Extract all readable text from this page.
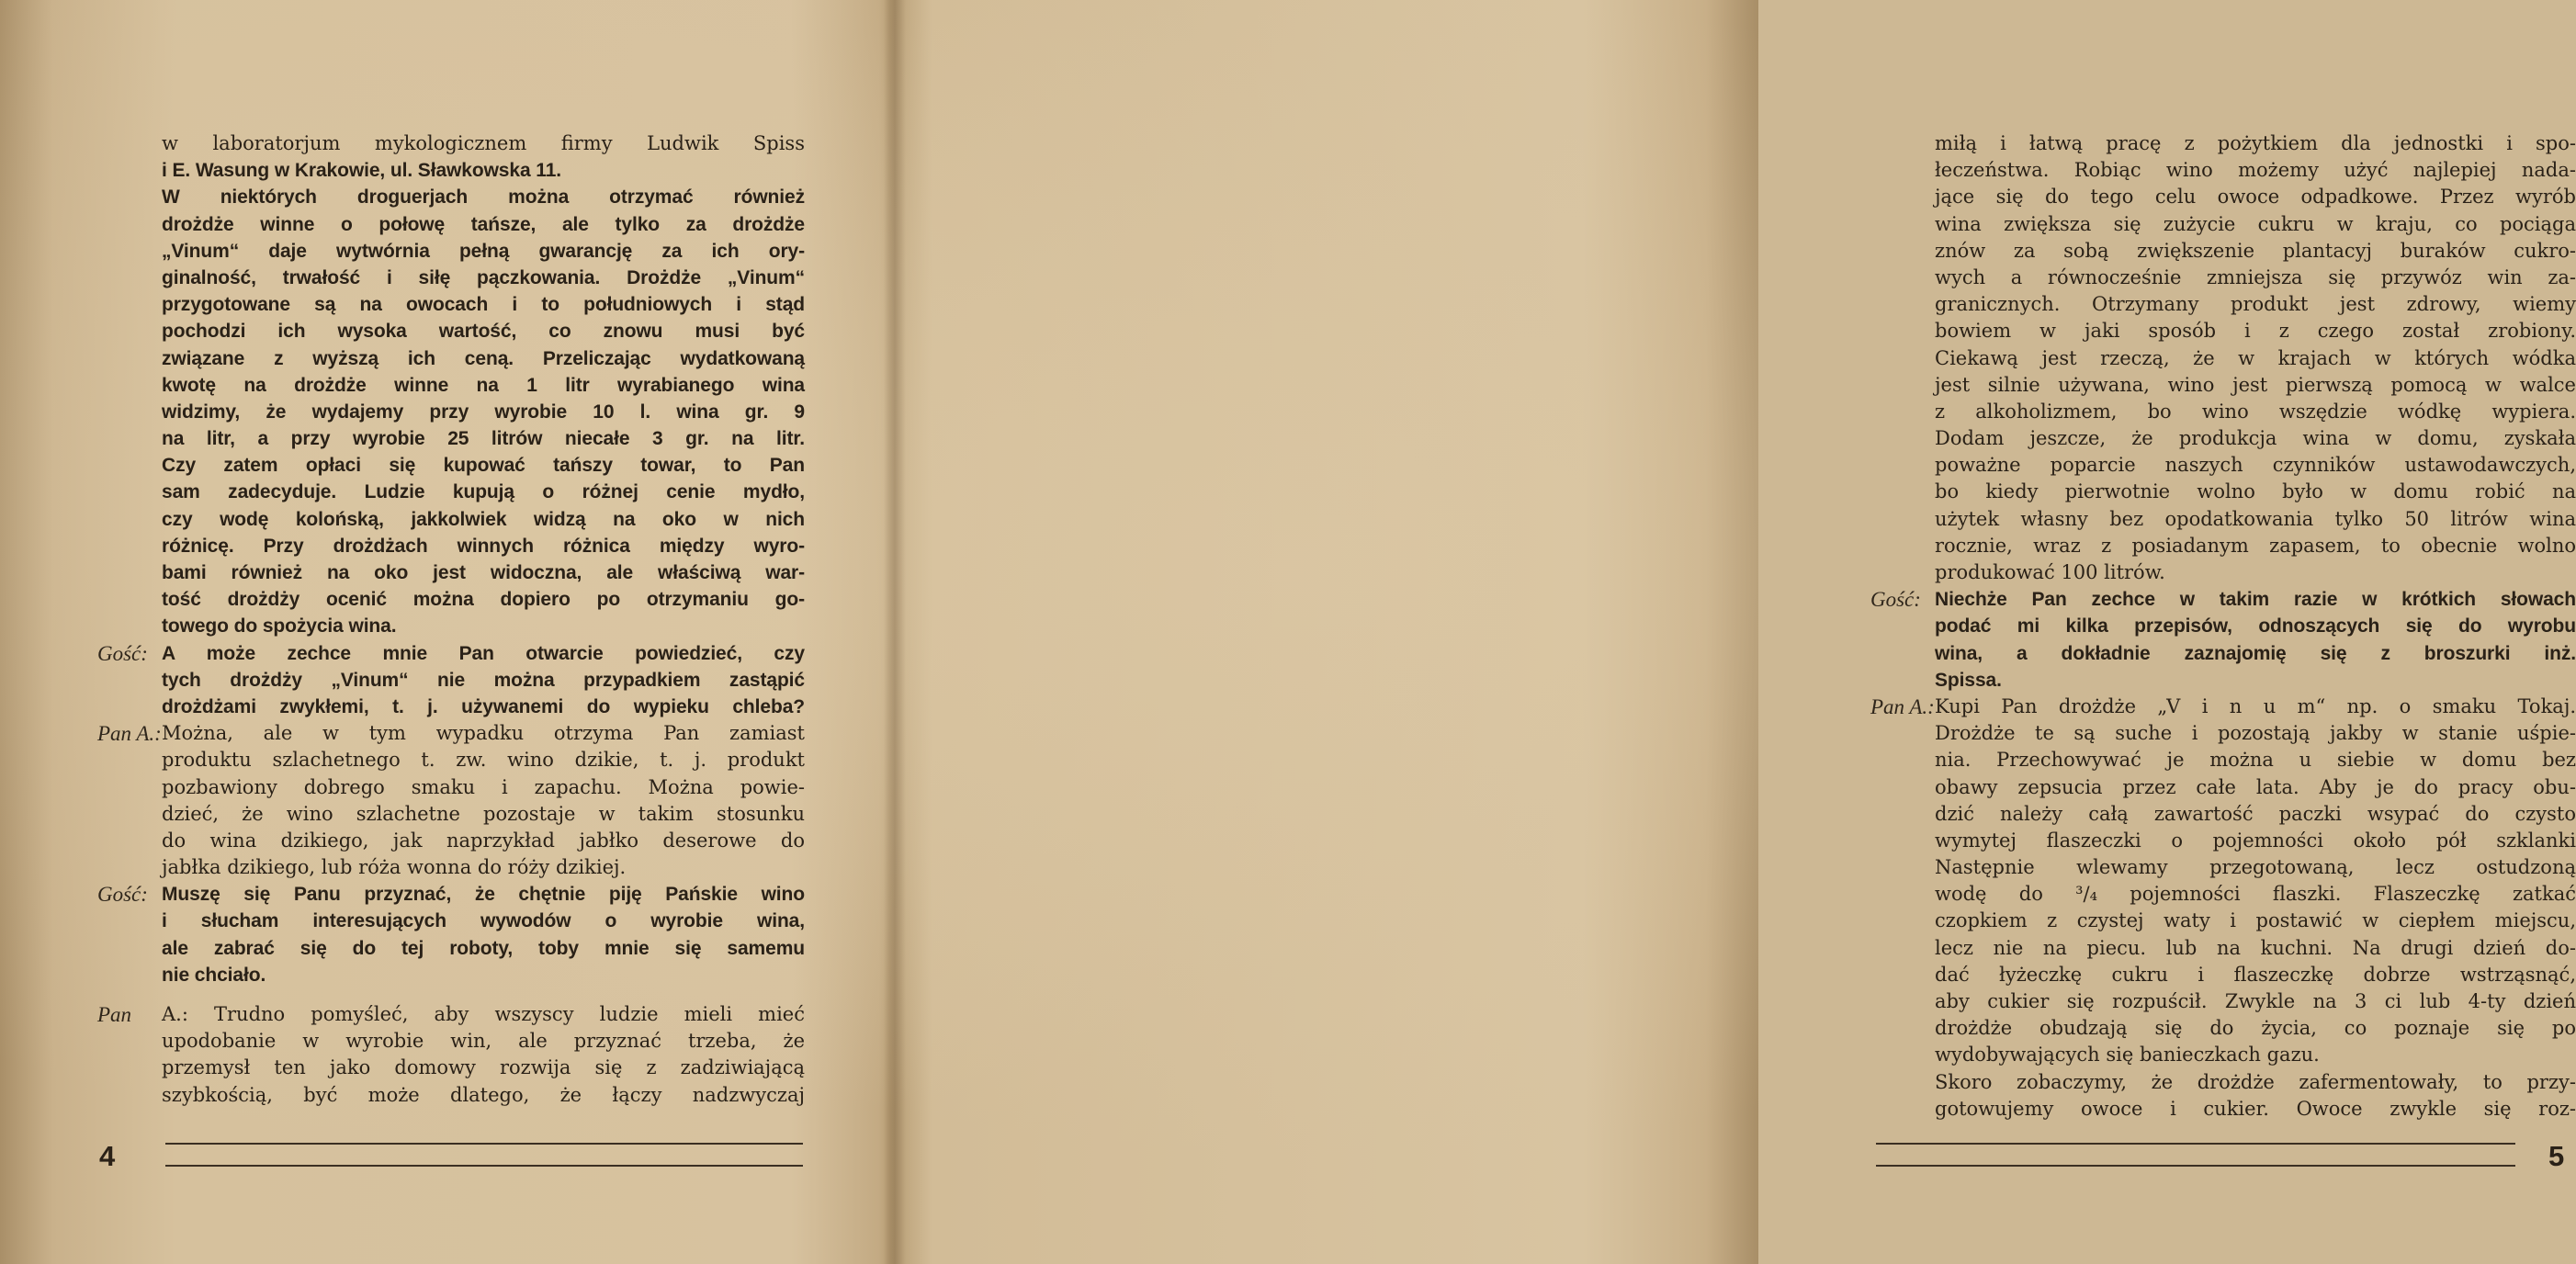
w laboratorjum mykologicznem firmy Ludwik Spiss
i E. Wasung w Krakowie, ul. Sławkowska 11.
W niektórych droguerjach można otrzymać również
drożdże winne o połowę tańsze, ale tylko za drożdże
„Vinum“ daje wytwórnia pełną gwarancję za ich ory-
ginalność, trwałość i siłę pączkowania. Drożdże „Vinum“
przygotowane są na owocach i to południowych i stąd
pochodzi ich wysoka wartość, co znowu musi być
związane z wyższą ich ceną. Przeliczając wydatkowaną
kwotę na drożdże winne na 1 litr wyrabianego wina
widzimy, że wydajemy przy wyrobie 10 l. wina gr. 9
na litr, a przy wyrobie 25 litrów niecałe 3 gr. na litr.
Czy zatem opłaci się kupować tańszy towar, to Pan
sam zadecyduje. Ludzie kupują o różnej cenie mydło,
czy wodę kolońską, jakkolwiek widzą na oko w nich
różnicę. Przy drożdżach winnych różnica między wyro-
bami również na oko jest widoczna, ale właściwą war-
tość drożdży ocenić można dopiero po otrzymaniu go-
towego do spożycia wina.
A może zechce mnie Pan otwarcie powiedzieć, czy
tych drożdży „Vinum“ nie można przypadkiem zastąpić
drożdżami zwykłemi, t. j. używanemi do wypieku chleba?
Można, ale w tym wypadku otrzyma Pan zamiast
produktu szlachetnego t. zw. wino dzikie, t. j. produkt
pozbawiony dobrego smaku i zapachu. Można powie-
dzieć, że wino szlachetne pozostaje w takim stosunku
do wina dzikiego, jak naprzykład jabłko deserowe do
jabłka dzikiego, lub róża wonna do róży dzikiej.
Muszę się Panu przyznać, że chętnie piję Pańskie wino
i słucham interesujących wywodów o wyrobie wina,
ale zabrać się do tej roboty, toby mnie się samemu
nie chciało.
A.: Trudno pomyśleć, aby wszyscy ludzie mieli mieć
upodobanie w wyrobie win, ale przyznać trzeba, że
przemysł ten jako domowy rozwija się z zadziwiającą
szybkością, być może dlatego, że łączy nadzwyczaj
4
Gość:
Pan A.:
Gość:
Pan
miłą i łatwą pracę z pożytkiem dla jednostki i spo-
łeczeństwa. Robiąc wino możemy użyć najlepiej nada-
jące się do tego celu owoce odpadkowe. Przez wyrób
wina zwiększa się zużycie cukru w kraju, co pociąga
znów za sobą zwiększenie plantacyj buraków cukro-
wych a równocześnie zmniejsza się przywóz win za-
granicznych. Otrzymany produkt jest zdrowy, wiemy
bowiem w jaki sposób i z czego został zrobiony.
Ciekawą jest rzeczą, że w krajach w których wódka
jest silnie używana, wino jest pierwszą pomocą w walce
z alkoholizmem, bo wino wszędzie wódkę wypiera.
Dodam jeszcze, że produkcja wina w domu, zyskała
poważne poparcie naszych czynników ustawodawczych,
bo kiedy pierwotnie wolno było w domu robić na
użytek własny bez opodatkowania tylko 50 litrów wina
rocznie, wraz z posiadanym zapasem, to obecnie wolno
produkować 100 litrów.
Niechże Pan zechce w takim razie w krótkich słowach
podać mi kilka przepisów, odnoszących się do wyrobu
wina, a dokładnie zaznajomię się z broszurki inż.
Spissa.
Kupi Pan drożdże „V i n u m“ np. o smaku Tokaj.
Drożdże te są suche i pozostają jakby w stanie uśpie-
nia. Przechowywać je można u siebie w domu bez
obawy zepsucia przez całe lata. Aby je do pracy obu-
dzić należy całą zawartość paczki wsypać do czysto
wymytej flaszeczki o pojemności około pół szklanki
Następnie wlewamy przegotowaną, lecz ostudzoną
wodę do ³/₄ pojemności flaszki. Flaszeczkę zatkać
czopkiem z czystej waty i postawić w ciepłem miejscu,
lecz nie na piecu. lub na kuchni. Na drugi dzień do-
dać łyżeczkę cukru i flaszeczkę dobrze wstrząsnąć,
aby cukier się rozpuścił. Zwykle na 3 ci lub 4-ty dzień
drożdże obudzają się do życia, co poznaje się po
wydobywających się banieczkach gazu.
Skoro zobaczymy, że drożdże zafermentowały, to przy-
gotowujemy owoce i cukier. Owoce zwykle się roz-
5
Gość:
Pan A.:
